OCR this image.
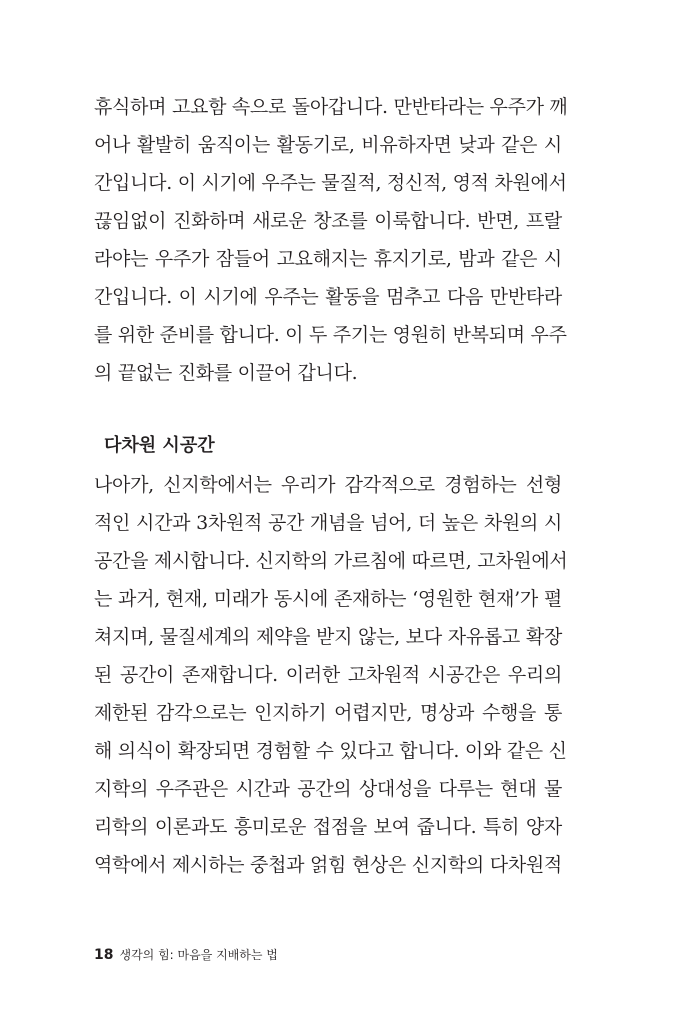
휴식하며 고요함 속으로 돌아갑니다. 만반타라는 우주가 깨
어나 활발히 움직이는 활동기로, 비유하자면 낮과 같은 시
간입니다. 이 시기에 우주는 물질적, 정신적, 영적 차원에서
끊임없이 진화하며 새로운 창조를 이룩합니다. 반면, 프랄
라야는 우주가 잠들어 고요해지는 휴지기로, 밤과 같은 시
간입니다. 이 시기에 우주는 활동을 멈추고 다음 만반타라
를 위한 준비를 합니다. 이 두 주기는 영원히 반복되며 우주
의 끝없는 진화를 이끌어 갑니다.
다차원 시공간
나아가, 신지학에서는 우리가 감각적으로 경험하는 선형
적인 시간과 3차원적 공간 개념을 넘어, 더 높은 차원의 시
공간을 제시합니다. 신지학의 가르침에 따르면, 고차원에서
는 과거, 현재, 미래가 동시에 존재하는 ‘영원한 현재’가 펼
쳐지며, 물질세계의 제약을 받지 않는, 보다 자유롭고 확장
된 공간이 존재합니다. 이러한 고차원적 시공간은 우리의
제한된 감각으로는 인지하기 어렵지만, 명상과 수행을 통
해 의식이 확장되면 경험할 수 있다고 합니다. 이와 같은 신
지학의 우주관은 시간과 공간의 상대성을 다루는 현대 물
리학의 이론과도 흥미로운 접점을 보여 줍니다. 특히 양자
역학에서 제시하는 중첩과 얽힘 현상은 신지학의 다차원적
18 생각의 힘: 마음을 지배하는 법
